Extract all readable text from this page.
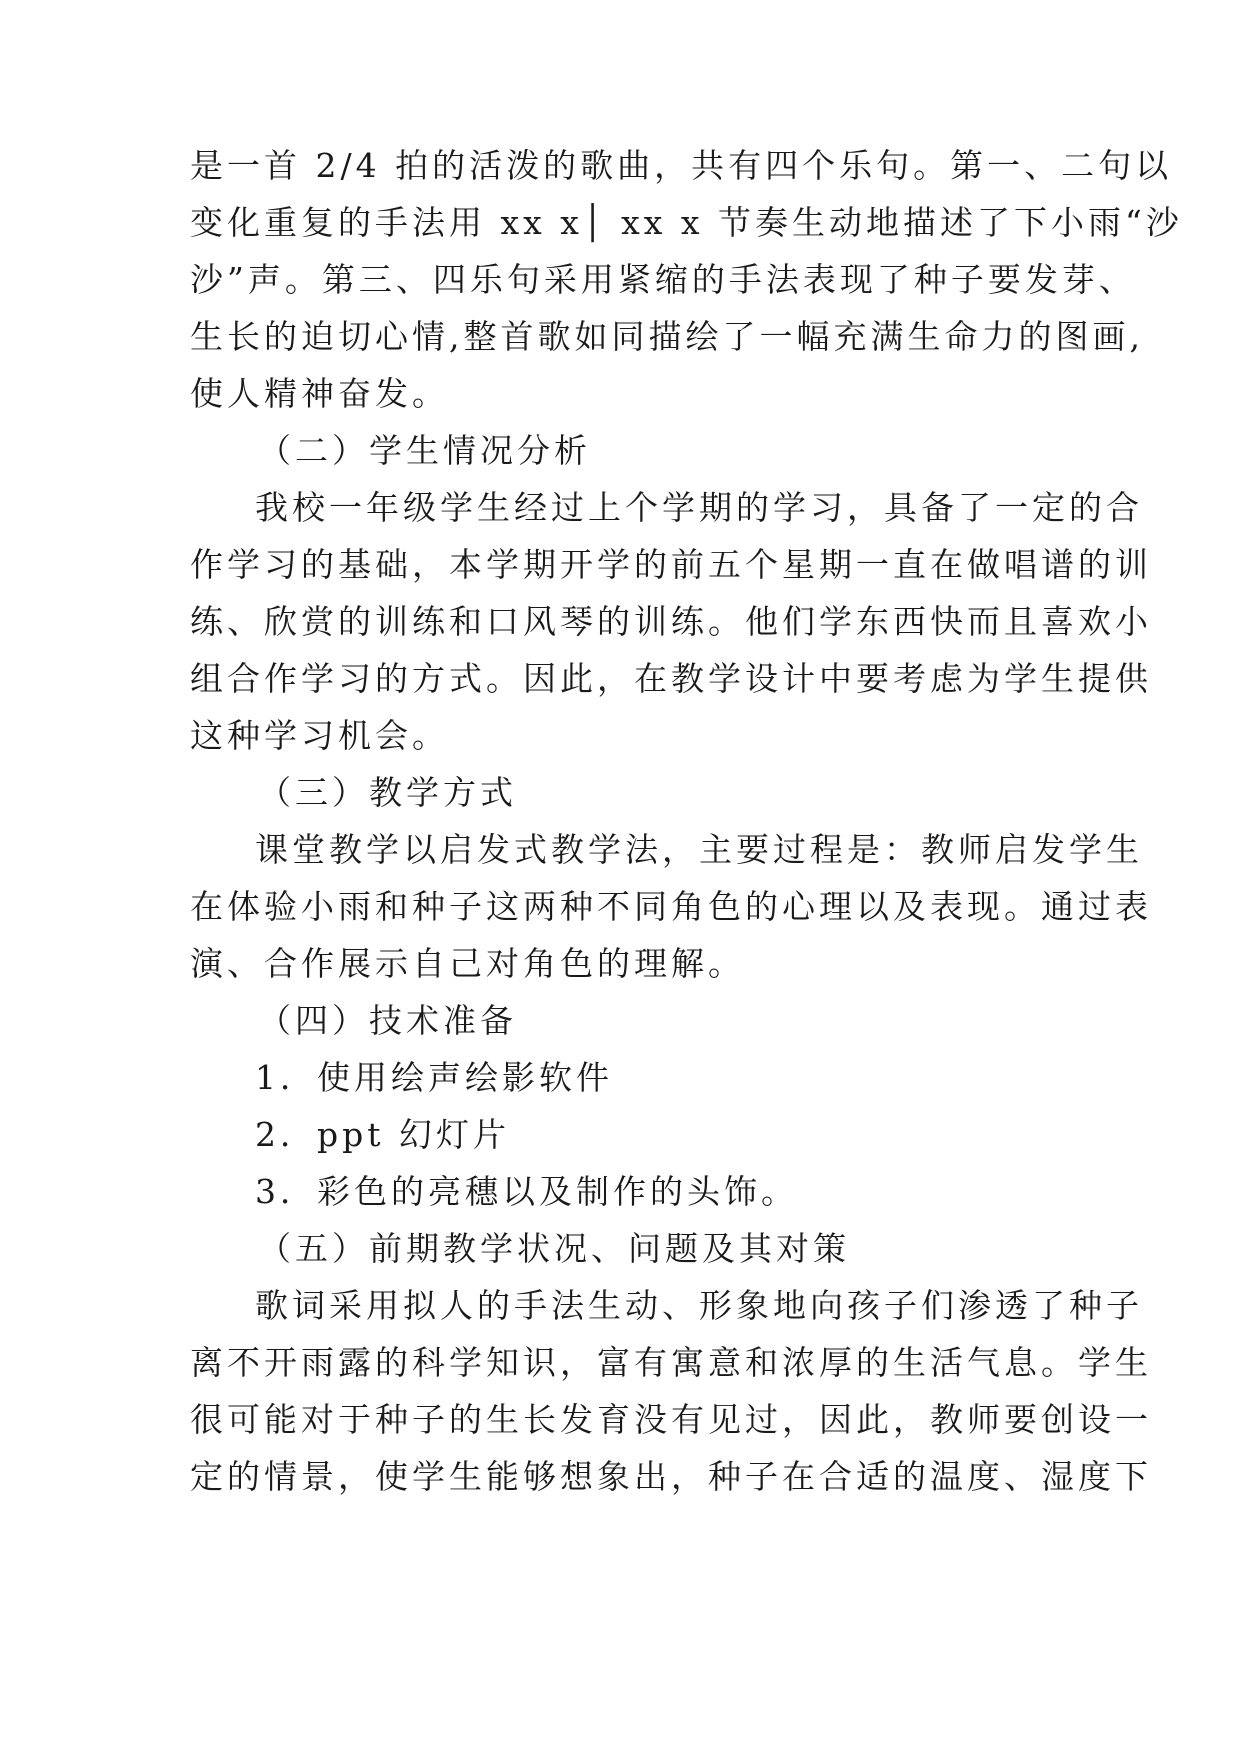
是一首 2/4 拍的活泼的歌曲，共有四个乐句。第一、二句以
变化重复的手法用 xx x│ xx x 节奏生动地描述了下小雨“沙
沙”声。第三、四乐句采用紧缩的手法表现了种子要发芽、
生长的迫切心情,整首歌如同描绘了一幅充满生命力的图画,
使人精神奋发。
（二）学生情况分析
我校一年级学生经过上个学期的学习，具备了一定的合
作学习的基础，本学期开学的前五个星期一直在做唱谱的训
练、欣赏的训练和口风琴的训练。他们学东西快而且喜欢小
组合作学习的方式。因此，在教学设计中要考虑为学生提供
这种学习机会。
（三）教学方式
课堂教学以启发式教学法，主要过程是：教师启发学生
在体验小雨和种子这两种不同角色的心理以及表现。通过表
演、合作展示自己对角色的理解。
（四）技术准备
1．使用绘声绘影软件
2．ppt 幻灯片
3．彩色的亮穗以及制作的头饰。
（五）前期教学状况、问题及其对策
歌词采用拟人的手法生动、形象地向孩子们渗透了种子
离不开雨露的科学知识，富有寓意和浓厚的生活气息。学生
很可能对于种子的生长发育没有见过，因此，教师要创设一
定的情景，使学生能够想象出，种子在合适的温度、湿度下
